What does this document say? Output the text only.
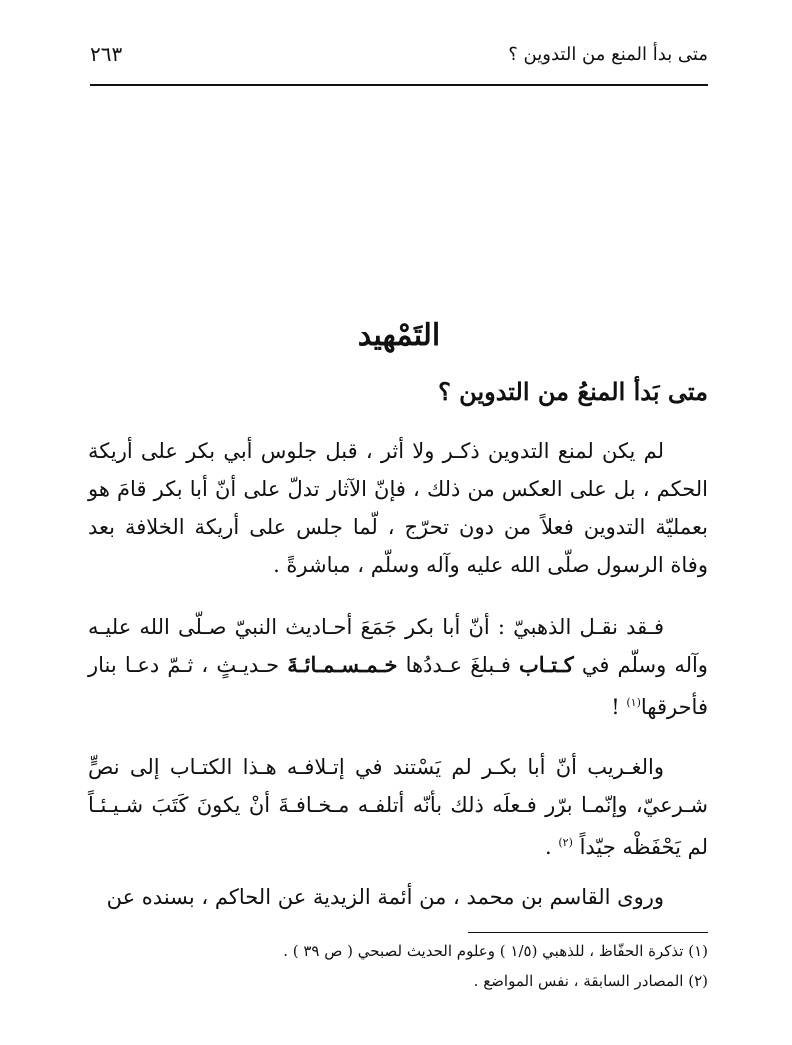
متى بدأ المنع من التدوين ؟
٢٦٣
التَمْهيد
متى بَدأ المنعُ من التدوين ؟
لم يكن لمنع التدوين ذكـر ولا أثر ، قبل جلوس أبي بكر على أريكة الحكم ، بل على العكس من ذلك ، فإنّ الآثار تدلّ على أنّ أبا بكر قامَ هو بعمليّة التدوين فعلاً من دون تحرّج ، لّما جلس على أريكة الخلافة بعد وفاة الرسول صلّى الله عليه وآله وسلّم ، مباشرةً .
فـقد نقـل الذهبيّ : أنّ أبا بكر جَمَعَ أحـاديث النبيّ صـلّى الله عليـه وآله وسلّم في كـتـاب فـبلغَ عـددُها خـمـسـمـائـةَ حـديـثٍ ، ثـمّ دعـا بنار فأحرقها$^{(١)}$ !
والغـريب أنّ أبا بكـر لم يَسْتند في إتـلافـه هـذا الكتـاب إلى نصٍّ شـرعيّ، وإنّمـا برّر فـعلَه ذلك بأنّه أتلفـه مـخـافـةَ أنْ يكونَ كَتَبَ شـيـئـاً لم يَحْفَظْه جيّداً $^{(٢)}$ .
وروى القاسم بن محمد ، من أئمة الزيدية عن الحاكم ، بسنده عن
(١) تذكرة الحفّاظ ، للذهبي (١/٥ ) وعلوم الحديث لصبحي ( ص ٣٩ ) .
(٢) المصادر السابقة ، نفس المواضع .
